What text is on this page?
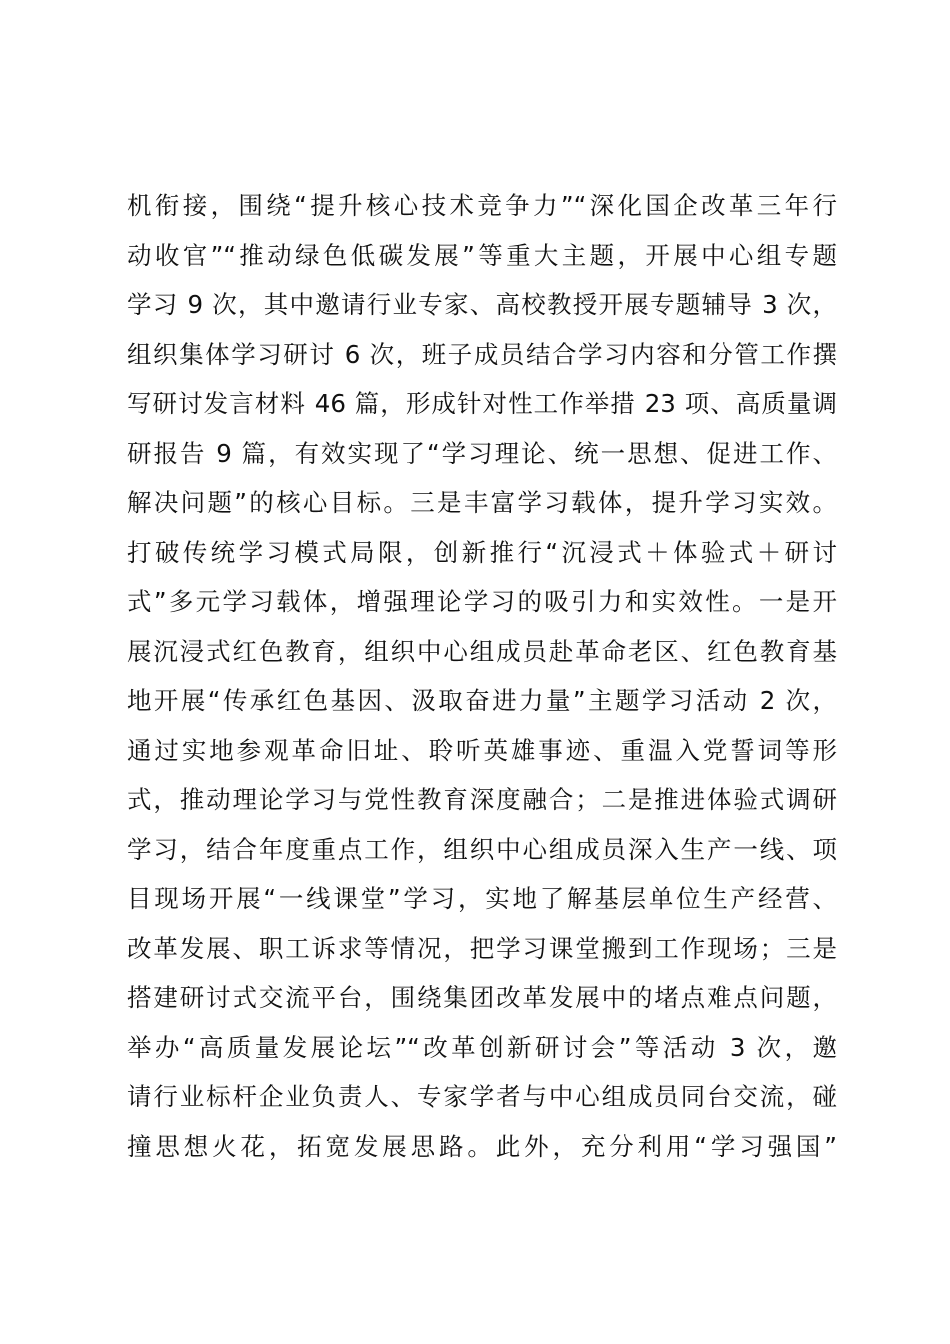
机衔接，围绕“提升核心技术竞争力”“深化国企改革三年行
动收官”“推动绿色低碳发展”等重大主题，开展中心组专题
学习 9 次，其中邀请行业专家、高校教授开展专题辅导 3 次，
组织集体学习研讨 6 次，班子成员结合学习内容和分管工作撰
写研讨发言材料 46 篇，形成针对性工作举措 23 项、高质量调
研报告 9 篇，有效实现了“学习理论、统一思想、促进工作、
解决问题”的核心目标。三是丰富学习载体，提升学习实效。
打破传统学习模式局限，创新推行“沉浸式＋体验式＋研讨
式”多元学习载体，增强理论学习的吸引力和实效性。一是开
展沉浸式红色教育，组织中心组成员赴革命老区、红色教育基
地开展“传承红色基因、汲取奋进力量”主题学习活动 2 次，
通过实地参观革命旧址、聆听英雄事迹、重温入党誓词等形
式，推动理论学习与党性教育深度融合；二是推进体验式调研
学习，结合年度重点工作，组织中心组成员深入生产一线、项
目现场开展“一线课堂”学习，实地了解基层单位生产经营、
改革发展、职工诉求等情况，把学习课堂搬到工作现场；三是
搭建研讨式交流平台，围绕集团改革发展中的堵点难点问题，
举办“高质量发展论坛”“改革创新研讨会”等活动 3 次，邀
请行业标杆企业负责人、专家学者与中心组成员同台交流，碰
撞思想火花，拓宽发展思路。此外，充分利用“学习强国”
